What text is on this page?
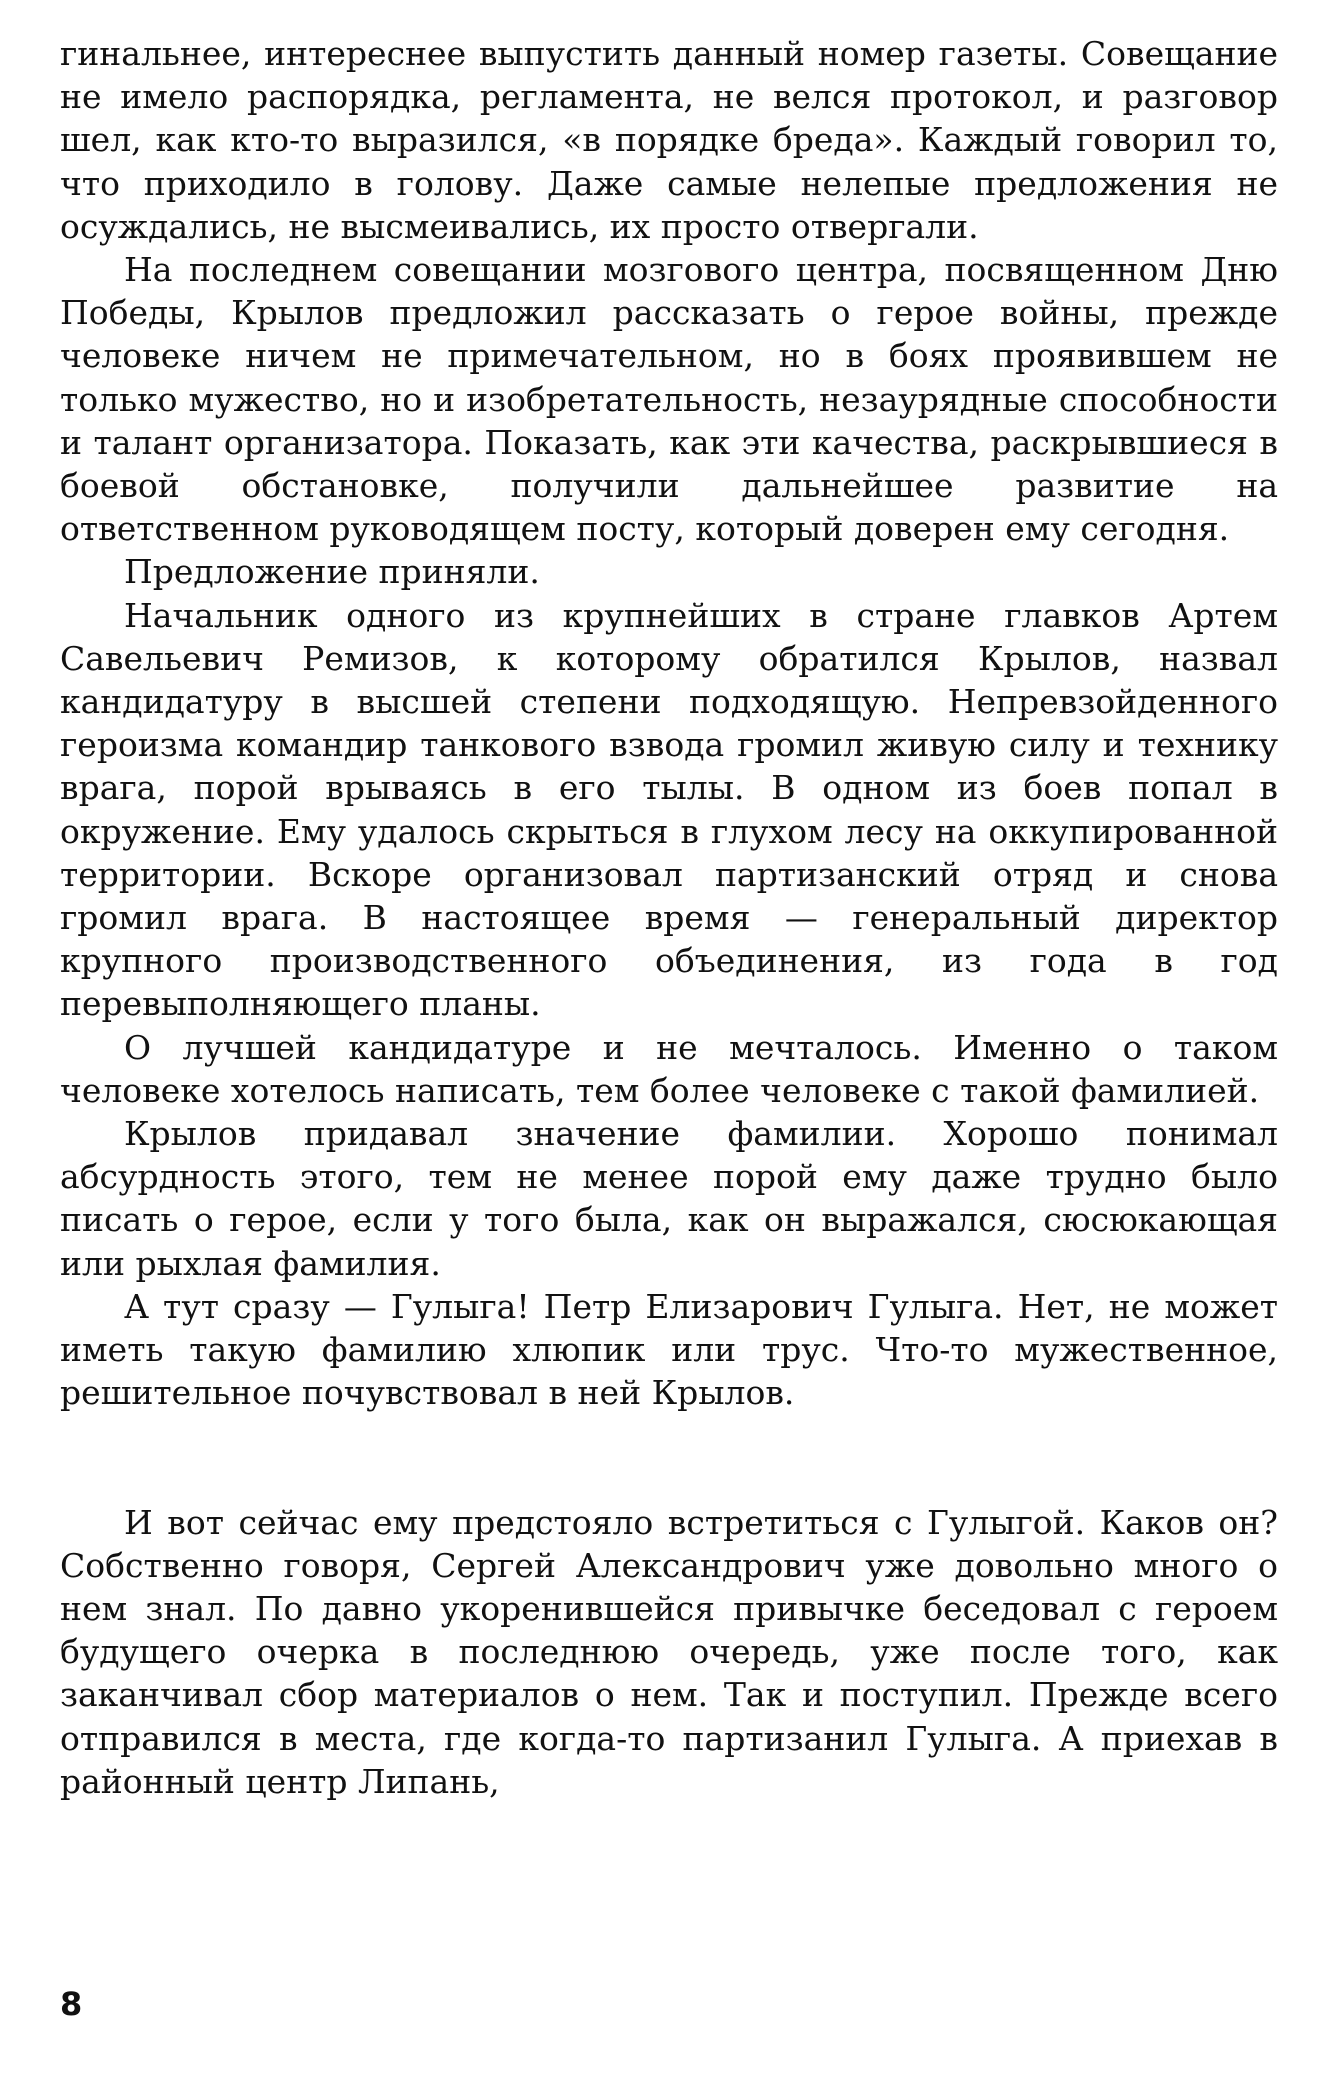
гинальнее, интереснее выпустить данный номер газеты. Совещание не имело распорядка, регламента, не велся протокол, и разговор шел, как кто-то выразился, «в порядке бреда». Каждый говорил то, что приходило в голову. Даже самые нелепые предложения не осуждались, не высмеивались, их просто отвергали.

На последнем совещании мозгового центра, посвященном Дню Победы, Крылов предложил рассказать о герое войны, прежде человеке ничем не примечательном, но в боях проявившем не только мужество, но и изобретательность, незаурядные способности и талант организатора. Показать, как эти качества, раскрывшиеся в боевой обстановке, получили дальнейшее развитие на ответственном руководящем посту, который доверен ему сегодня.

Предложение приняли.

Начальник одного из крупнейших в стране главков Артем Савельевич Ремизов, к которому обратился Крылов, назвал кандидатуру в высшей степени подходящую. Непревзойденного героизма командир танкового взвода громил живую силу и технику врага, порой врываясь в его тылы. В одном из боев попал в окружение. Ему удалось скрыться в глухом лесу на оккупированной территории. Вскоре организовал партизанский отряд и снова громил врага. В настоящее время — генеральный директор крупного производственного объединения, из года в год перевыполняющего планы.

О лучшей кандидатуре и не мечталось. Именно о таком человеке хотелось написать, тем более человеке с такой фамилией.

Крылов придавал значение фамилии. Хорошо понимал абсурдность этого, тем не менее порой ему даже трудно было писать о герое, если у того была, как он выражался, сюсюкающая или рыхлая фамилия.

А тут сразу — Гулыга! Петр Елизарович Гулыга. Нет, не может иметь такую фамилию хлюпик или трус. Что-то мужественное, решительное почувствовал в ней Крылов.

И вот сейчас ему предстояло встретиться с Гулыгой. Каков он? Собственно говоря, Сергей Александрович уже довольно много о нем знал. По давно укоренившейся привычке беседовал с героем будущего очерка в последнюю очередь, уже после того, как заканчивал сбор материалов о нем. Так и поступил. Прежде всего отправился в места, где когда-то партизанил Гулыга. А приехав в районный центр Липань,

8
